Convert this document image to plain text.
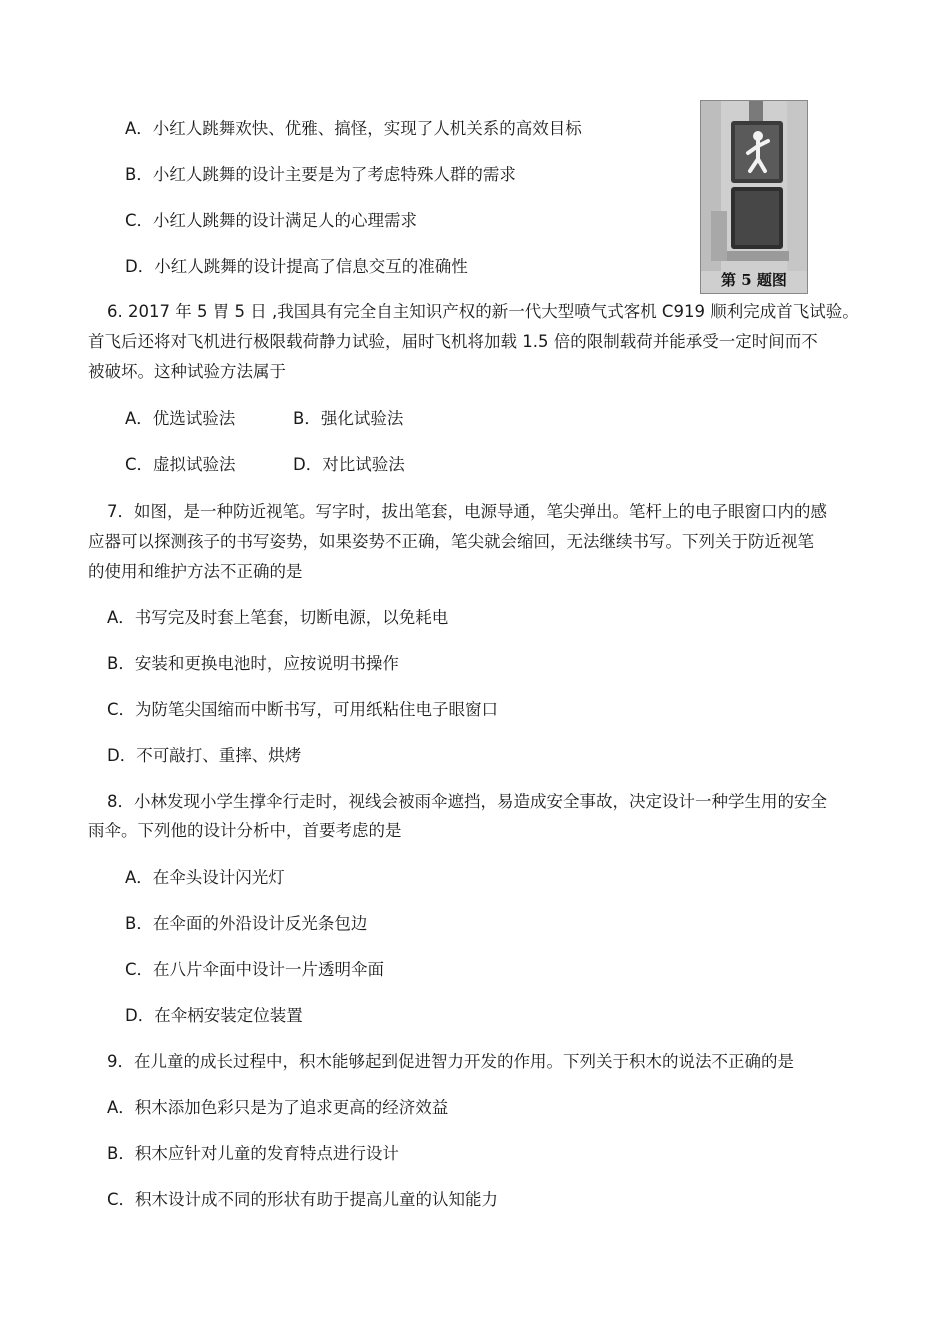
A．小红人跳舞欢快、优雅、搞怪，实现了人机关系的高效目标
B．小红人跳舞的设计主要是为了考虑特殊人群的需求
C．小红人跳舞的设计满足人的心理需求
D．小红人跳舞的设计提高了信息交互的准确性
第 5 题图
6. 2017 年 5 胃 5 日 ,我国具有完全自主知识产权的新一代大型喷气式客机 C919 顺利完成首飞试验。
首飞后还将对飞机进行极限载荷静力试验，届时飞机将加载 1.5 倍的限制载荷并能承受一定时间而不
被破坏。这种试验方法属于
A．优选试验法	B．强化试验法
C．虚拟试验法	D．对比试验法
7．如图，是一种防近视笔。写字时，拔出笔套，电源导通，笔尖弹出。笔杆上的电子眼窗口内的感
应器可以探测孩子的书写姿势，如果姿势不正确，笔尖就会缩回，无法继续书写。下列关于防近视笔
的使用和维护方法不正确的是
A．书写完及时套上笔套，切断电源，以免耗电
B．安装和更换电池时，应按说明书操作
C．为防笔尖国缩而中断书写，可用纸粘住电子眼窗口
D．不可敲打、重摔、烘烤
8．小林发现小学生撑伞行走时，视线会被雨伞遮挡，易造成安全事故，决定设计一种学生用的安全
雨伞。下列他的设计分析中，首要考虑的是
A．在伞头设计闪光灯
B．在伞面的外沿设计反光条包边
C．在八片伞面中设计一片透明伞面
D．在伞柄安装定位装置
9．在儿童的成长过程中，积木能够起到促进智力开发的作用。下列关于积木的说法不正确的是
A．积木添加色彩只是为了追求更高的经济效益
B．积木应针对儿童的发育特点进行设计
C．积木设计成不同的形状有助于提高儿童的认知能力
